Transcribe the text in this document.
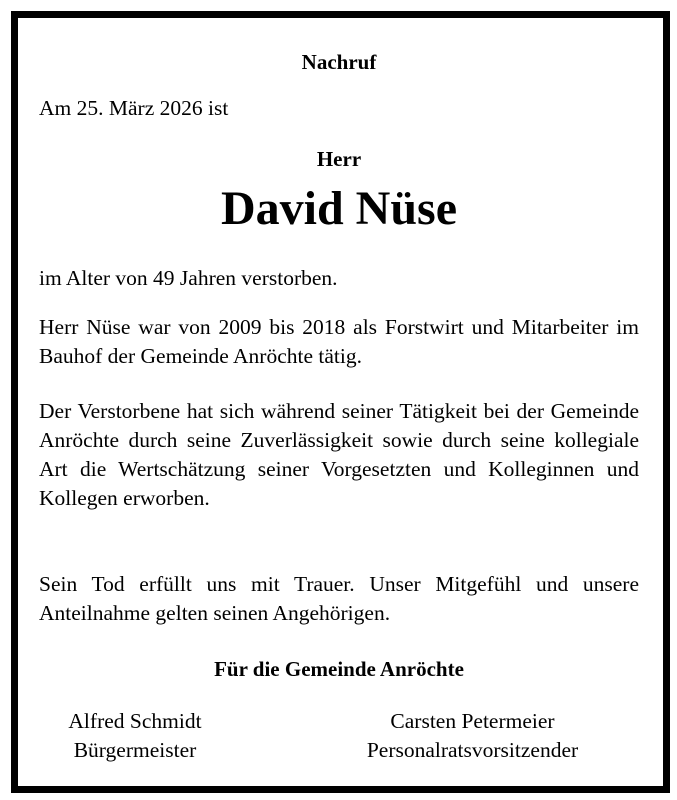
Nachruf
Am 25. März 2026 ist
Herr
David Nüse
im Alter von 49 Jahren verstorben.
Herr Nüse war von 2009 bis 2018 als Forstwirt und Mitarbeiter im Bauhof der Gemeinde Anröchte tätig.
Der Verstorbene hat sich während seiner Tätigkeit bei der Gemeinde Anröchte durch seine Zuverlässigkeit sowie durch seine kollegiale Art die Wertschätzung seiner Vorgesetzten und Kolleginnen und Kollegen erworben.
Sein Tod erfüllt uns mit Trauer. Unser Mitgefühl und unsere Anteilnahme gelten seinen Angehörigen.
Für die Gemeinde Anröchte
Alfred Schmidt
Bürgermeister
Carsten Petermeier
Personalratsvorsitzender
